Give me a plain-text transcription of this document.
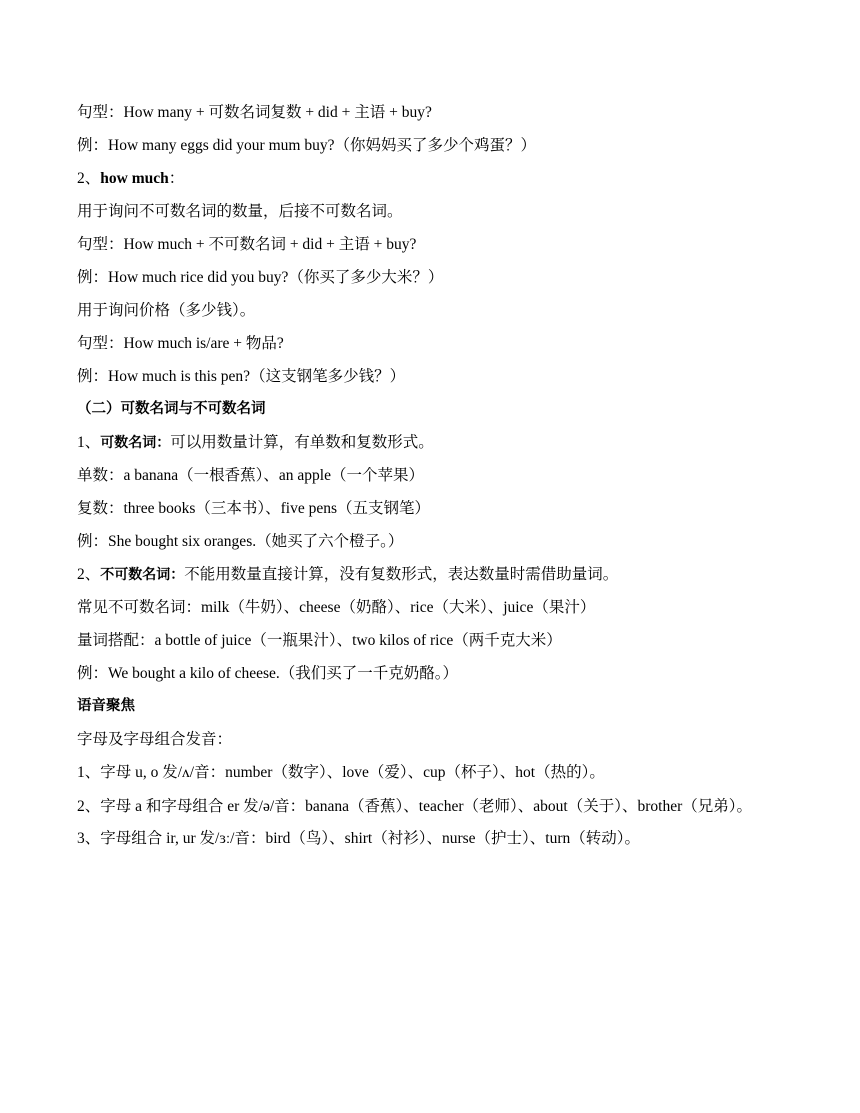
句型：How many + 可数名词复数 + did + 主语 + buy?
例：How many eggs did your mum buy?（你妈妈买了多少个鸡蛋？）
2、how much：
用于询问不可数名词的数量，后接不可数名词。
句型：How much + 不可数名词 + did + 主语 + buy?
例：How much rice did you buy?（你买了多少大米？）
用于询问价格（多少钱）。
句型：How much is/are + 物品?
例：How much is this pen?（这支钢笔多少钱？）
（二）可数名词与不可数名词
1、可数名词：可以用数量计算，有单数和复数形式。
单数：a banana（一根香蕉）、an apple（一个苹果）
复数：three books（三本书）、five pens（五支钢笔）
例：She bought six oranges.（她买了六个橙子。）
2、不可数名词：不能用数量直接计算，没有复数形式，表达数量时需借助量词。
常见不可数名词：milk（牛奶）、cheese（奶酪）、rice（大米）、juice（果汁）
量词搭配：a bottle of juice（一瓶果汁）、two kilos of rice（两千克大米）
例：We bought a kilo of cheese.（我们买了一千克奶酪。）
语音聚焦
字母及字母组合发音：
1、字母 u, o 发/ʌ/音：number（数字）、love（爱）、cup（杯子）、hot（热的）。
2、字母 a 和字母组合 er 发/ə/音：banana（香蕉）、teacher（老师）、about（关于）、brother（兄弟）。
3、字母组合 ir, ur 发/ɜː/音：bird（鸟）、shirt（衬衫）、nurse（护士）、turn（转动）。
